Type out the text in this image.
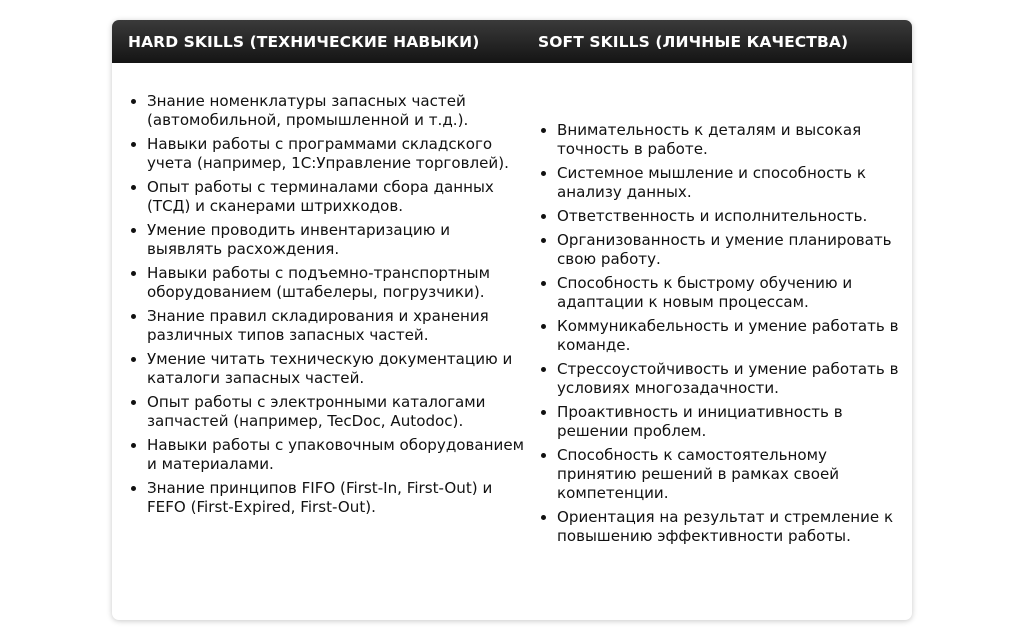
HARD SKILLS (ТЕХНИЧЕСКИЕ НАВЫКИ)	SOFT SKILLS (ЛИЧНЫЕ КАЧЕСТВА)
Знание номенклатуры запасных частей (автомобильной, промышленной и т.д.).
Навыки работы с программами складского учета (например, 1С:Управление торговлей).
Опыт работы с терминалами сбора данных (ТСД) и сканерами штрихкодов.
Умение проводить инвентаризацию и выявлять расхождения.
Навыки работы с подъемно-транспортным оборудованием (штабелеры, погрузчики).
Знание правил складирования и хранения различных типов запасных частей.
Умение читать техническую документацию и каталоги запасных частей.
Опыт работы с электронными каталогами запчастей (например, TecDoc, Autodoc).
Навыки работы с упаковочным оборудованием и материалами.
Знание принципов FIFO (First-In, First-Out) и FEFO (First-Expired, First-Out).
Внимательность к деталям и высокая точность в работе.
Системное мышление и способность к анализу данных.
Ответственность и исполнительность.
Организованность и умение планировать свою работу.
Способность к быстрому обучению и адаптации к новым процессам.
Коммуникабельность и умение работать в команде.
Стрессоустойчивость и умение работать в условиях многозадачности.
Проактивность и инициативность в решении проблем.
Способность к самостоятельному принятию решений в рамках своей компетенции.
Ориентация на результат и стремление к повышению эффективности работы.
